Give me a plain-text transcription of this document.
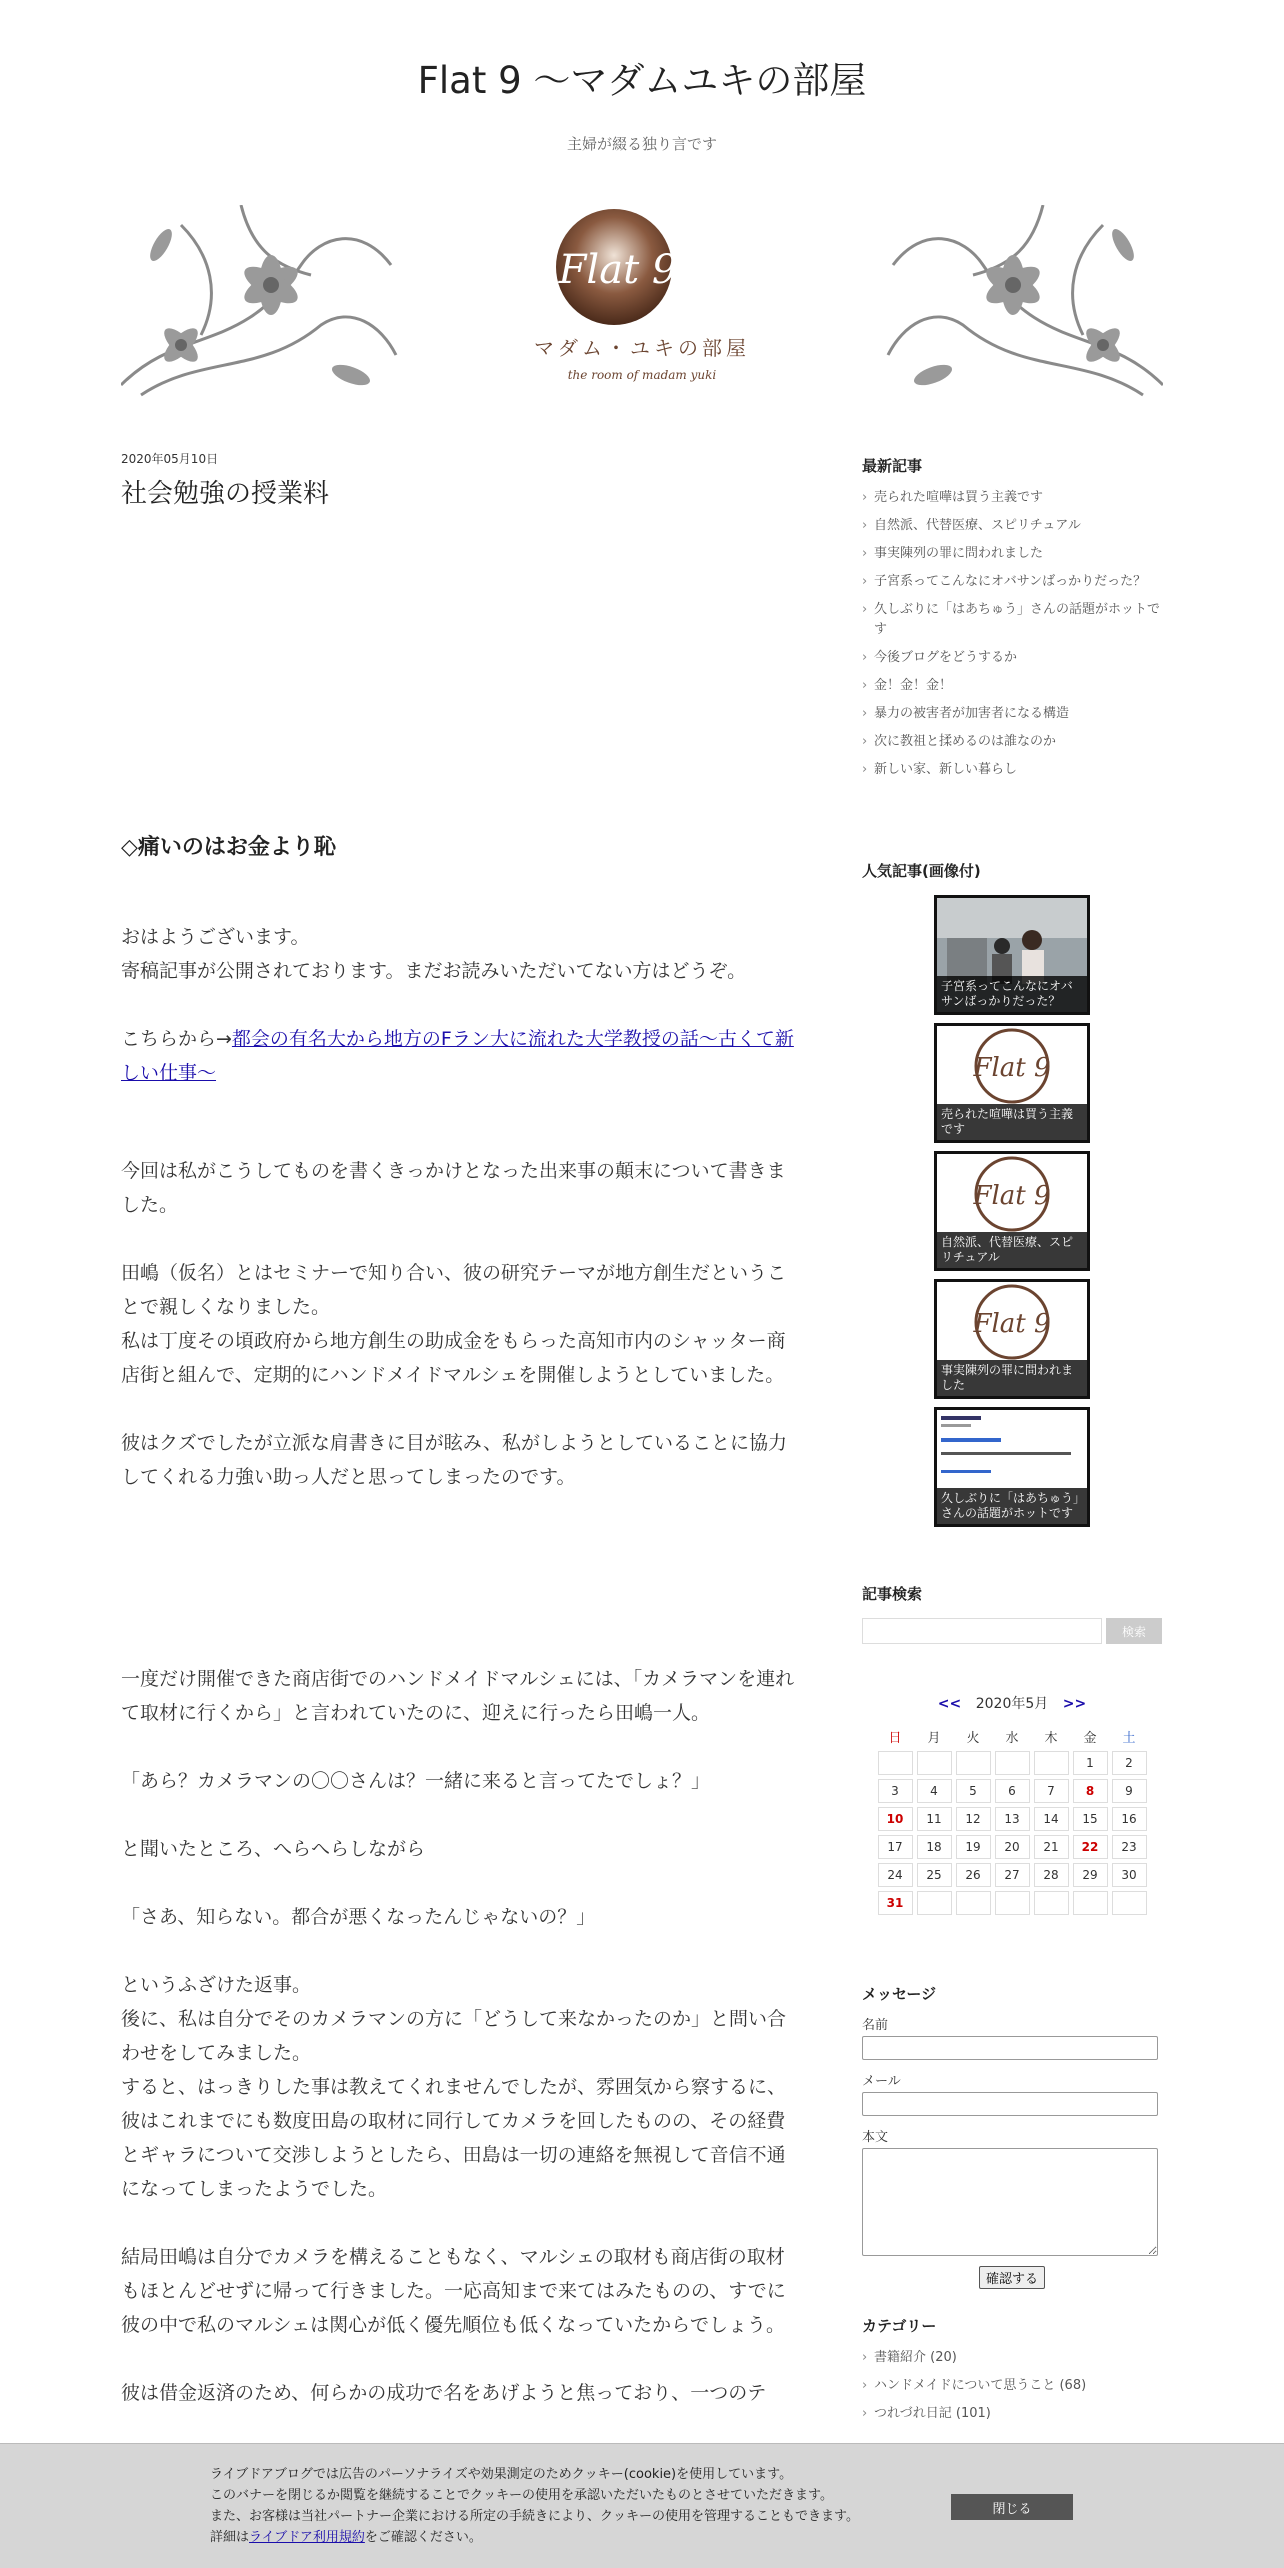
Flat 9 〜マダムユキの部屋
主婦が綴る独り言です
Flat 9
マダム・ユキの部屋
the room of madam yuki
2020年05月10日
社会勉強の授業料
◇痛いのはお金より恥

おはようございます。

寄稿記事が公開されております。まだお読みいただいてない方はどうぞ。

こちらから→都会の有名大から地方のFラン大に流れた大学教授の話〜古くて新しい仕事〜

今回は私がこうしてものを書くきっかけとなった出来事の顛末について書きました。

田嶋（仮名）とはセミナーで知り合い、彼の研究テーマが地方創生だということで親しくなりました。

私は丁度その頃政府から地方創生の助成金をもらった高知市内のシャッター商店街と組んで、定期的にハンドメイドマルシェを開催しようとしていました。

彼はクズでしたが立派な肩書きに目が眩み、私がしようとしていることに協力してくれる力強い助っ人だと思ってしまったのです。

一度だけ開催できた商店街でのハンドメイドマルシェには、「カメラマンを連れて取材に行くから」と言われていたのに、迎えに行ったら田嶋一人。

「あら？カメラマンの〇〇さんは？一緒に来ると言ってたでしょ？」

と聞いたところ、へらへらしながら

「さあ、知らない。都合が悪くなったんじゃないの？」

というふざけた返事。

後に、私は自分でそのカメラマンの方に「どうして来なかったのか」と問い合わせをしてみました。

すると、はっきりした事は教えてくれませんでしたが、雰囲気から察するに、彼はこれまでにも数度田島の取材に同行してカメラを回したものの、その経費とギャラについて交渉しようとしたら、田島は一切の連絡を無視して音信不通になってしまったようでした。

結局田嶋は自分でカメラを構えることもなく、マルシェの取材も商店街の取材もほとんどせずに帰って行きました。一応高知まで来てはみたものの、すでに彼の中で私のマルシェは関心が低く優先順位も低くなっていたからでしょう。

彼は借金返済のため、何らかの成功で名をあげようと焦っており、一つのテ

最新記事
› 売られた喧嘩は買う主義です
› 自然派、代替医療、スピリチュアル
› 事実陳列の罪に問われました
› 子宮系ってこんなにオバサンばっかりだった？
› 久しぶりに「はあちゅう」さんの話題がホットです
› 今後ブログをどうするか
› 金！金！金！
› 暴力の被害者が加害者になる構造
› 次に教祖と揉めるのは誰なのか
› 新しい家、新しい暮らし
人気記事(画像付)
子宮系ってこんなにオバサンばっかりだった？
Flat 9
売られた喧嘩は買う主義です
Flat 9
自然派、代替医療、スピリチュアル
Flat 9
事実陳列の罪に問われました
久しぶりに「はあちゅう」さんの話題がホットです
記事検索
検索
<< 2020年5月 >>
日	月	火	水	木	金	土
					1	2
3	4	5	6	7	8	9
10	11	12	13	14	15	16
17	18	19	20	21	22	23
24	25	26	27	28	29	30
31						
メッセージ
名前
メール
本文
確認する
カテゴリー
› 書籍紹介 (20)
› ハンドメイドについて思うこと (68)
› つれづれ日記 (101)
ライブドアブログでは広告のパーソナライズや効果測定のためクッキー(cookie)を使用しています。
このバナーを閉じるか閲覧を継続することでクッキーの使用を承認いただいたものとさせていただきます。
また、お客様は当社パートナー企業における所定の手続きにより、クッキーの使用を管理することもできます。
詳細はライブドア利用規約をご確認ください。
閉じる
